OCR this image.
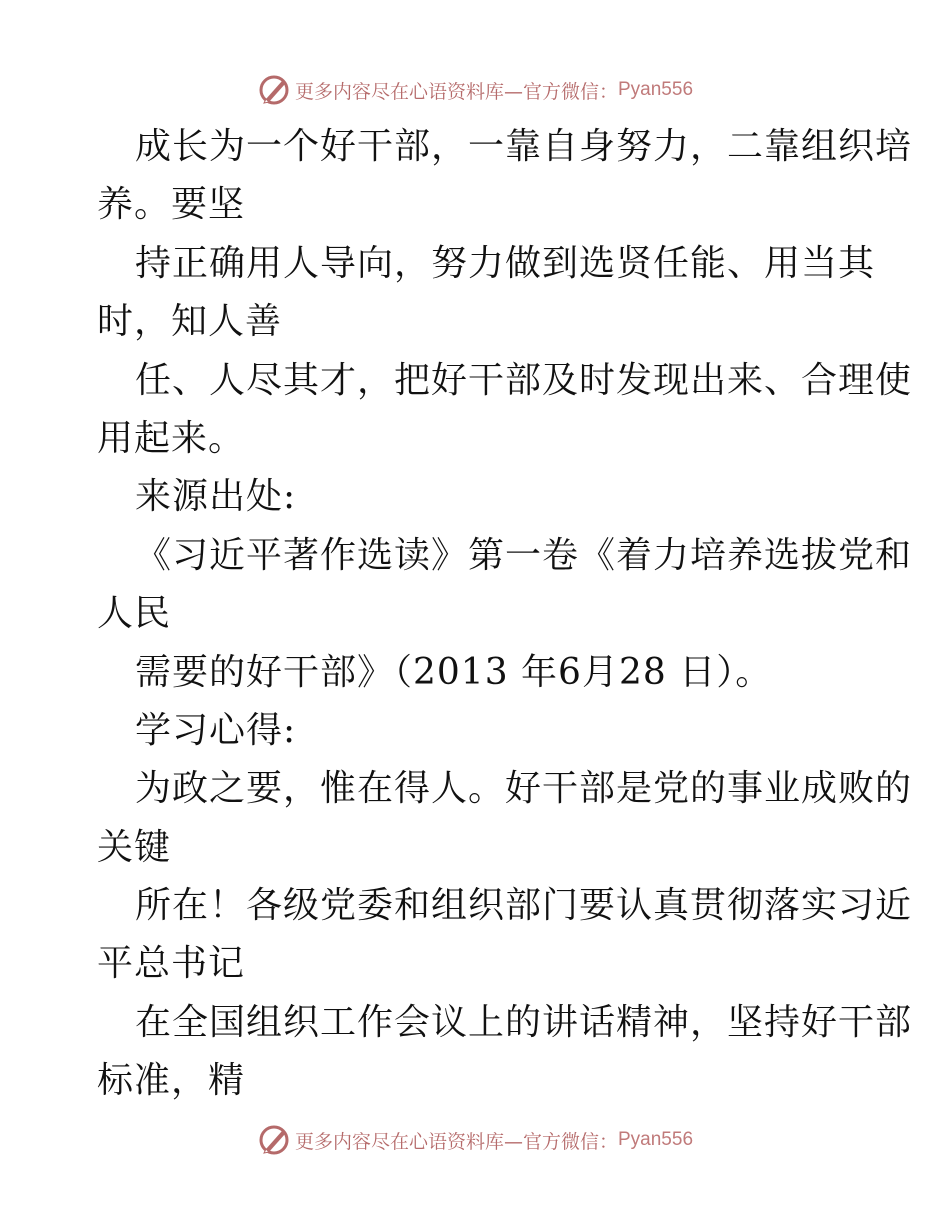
更多内容尽在心语资料库—官方微信： Pyan556
成长为一个好干部，一靠自身努力，二靠组织培
养。要坚
持正确用人导向，努力做到选贤任能、用当其
时，知人善
任、人尽其才，把好干部及时发现出来、合理使
用起来。
来源出处:
《习近平著作选读》第一卷《着力培养选拔党和
人民
需要的好干部》（2013 年6月28 日）。
学习心得:
为政之要，惟在得人。好干部是党的事业成败的
关键
所在！各级党委和组织部门要认真贯彻落实习近
平总书记
在全国组织工作会议上的讲话精神，坚持好干部
标准，精
更多内容尽在心语资料库—官方微信： Pyan556
